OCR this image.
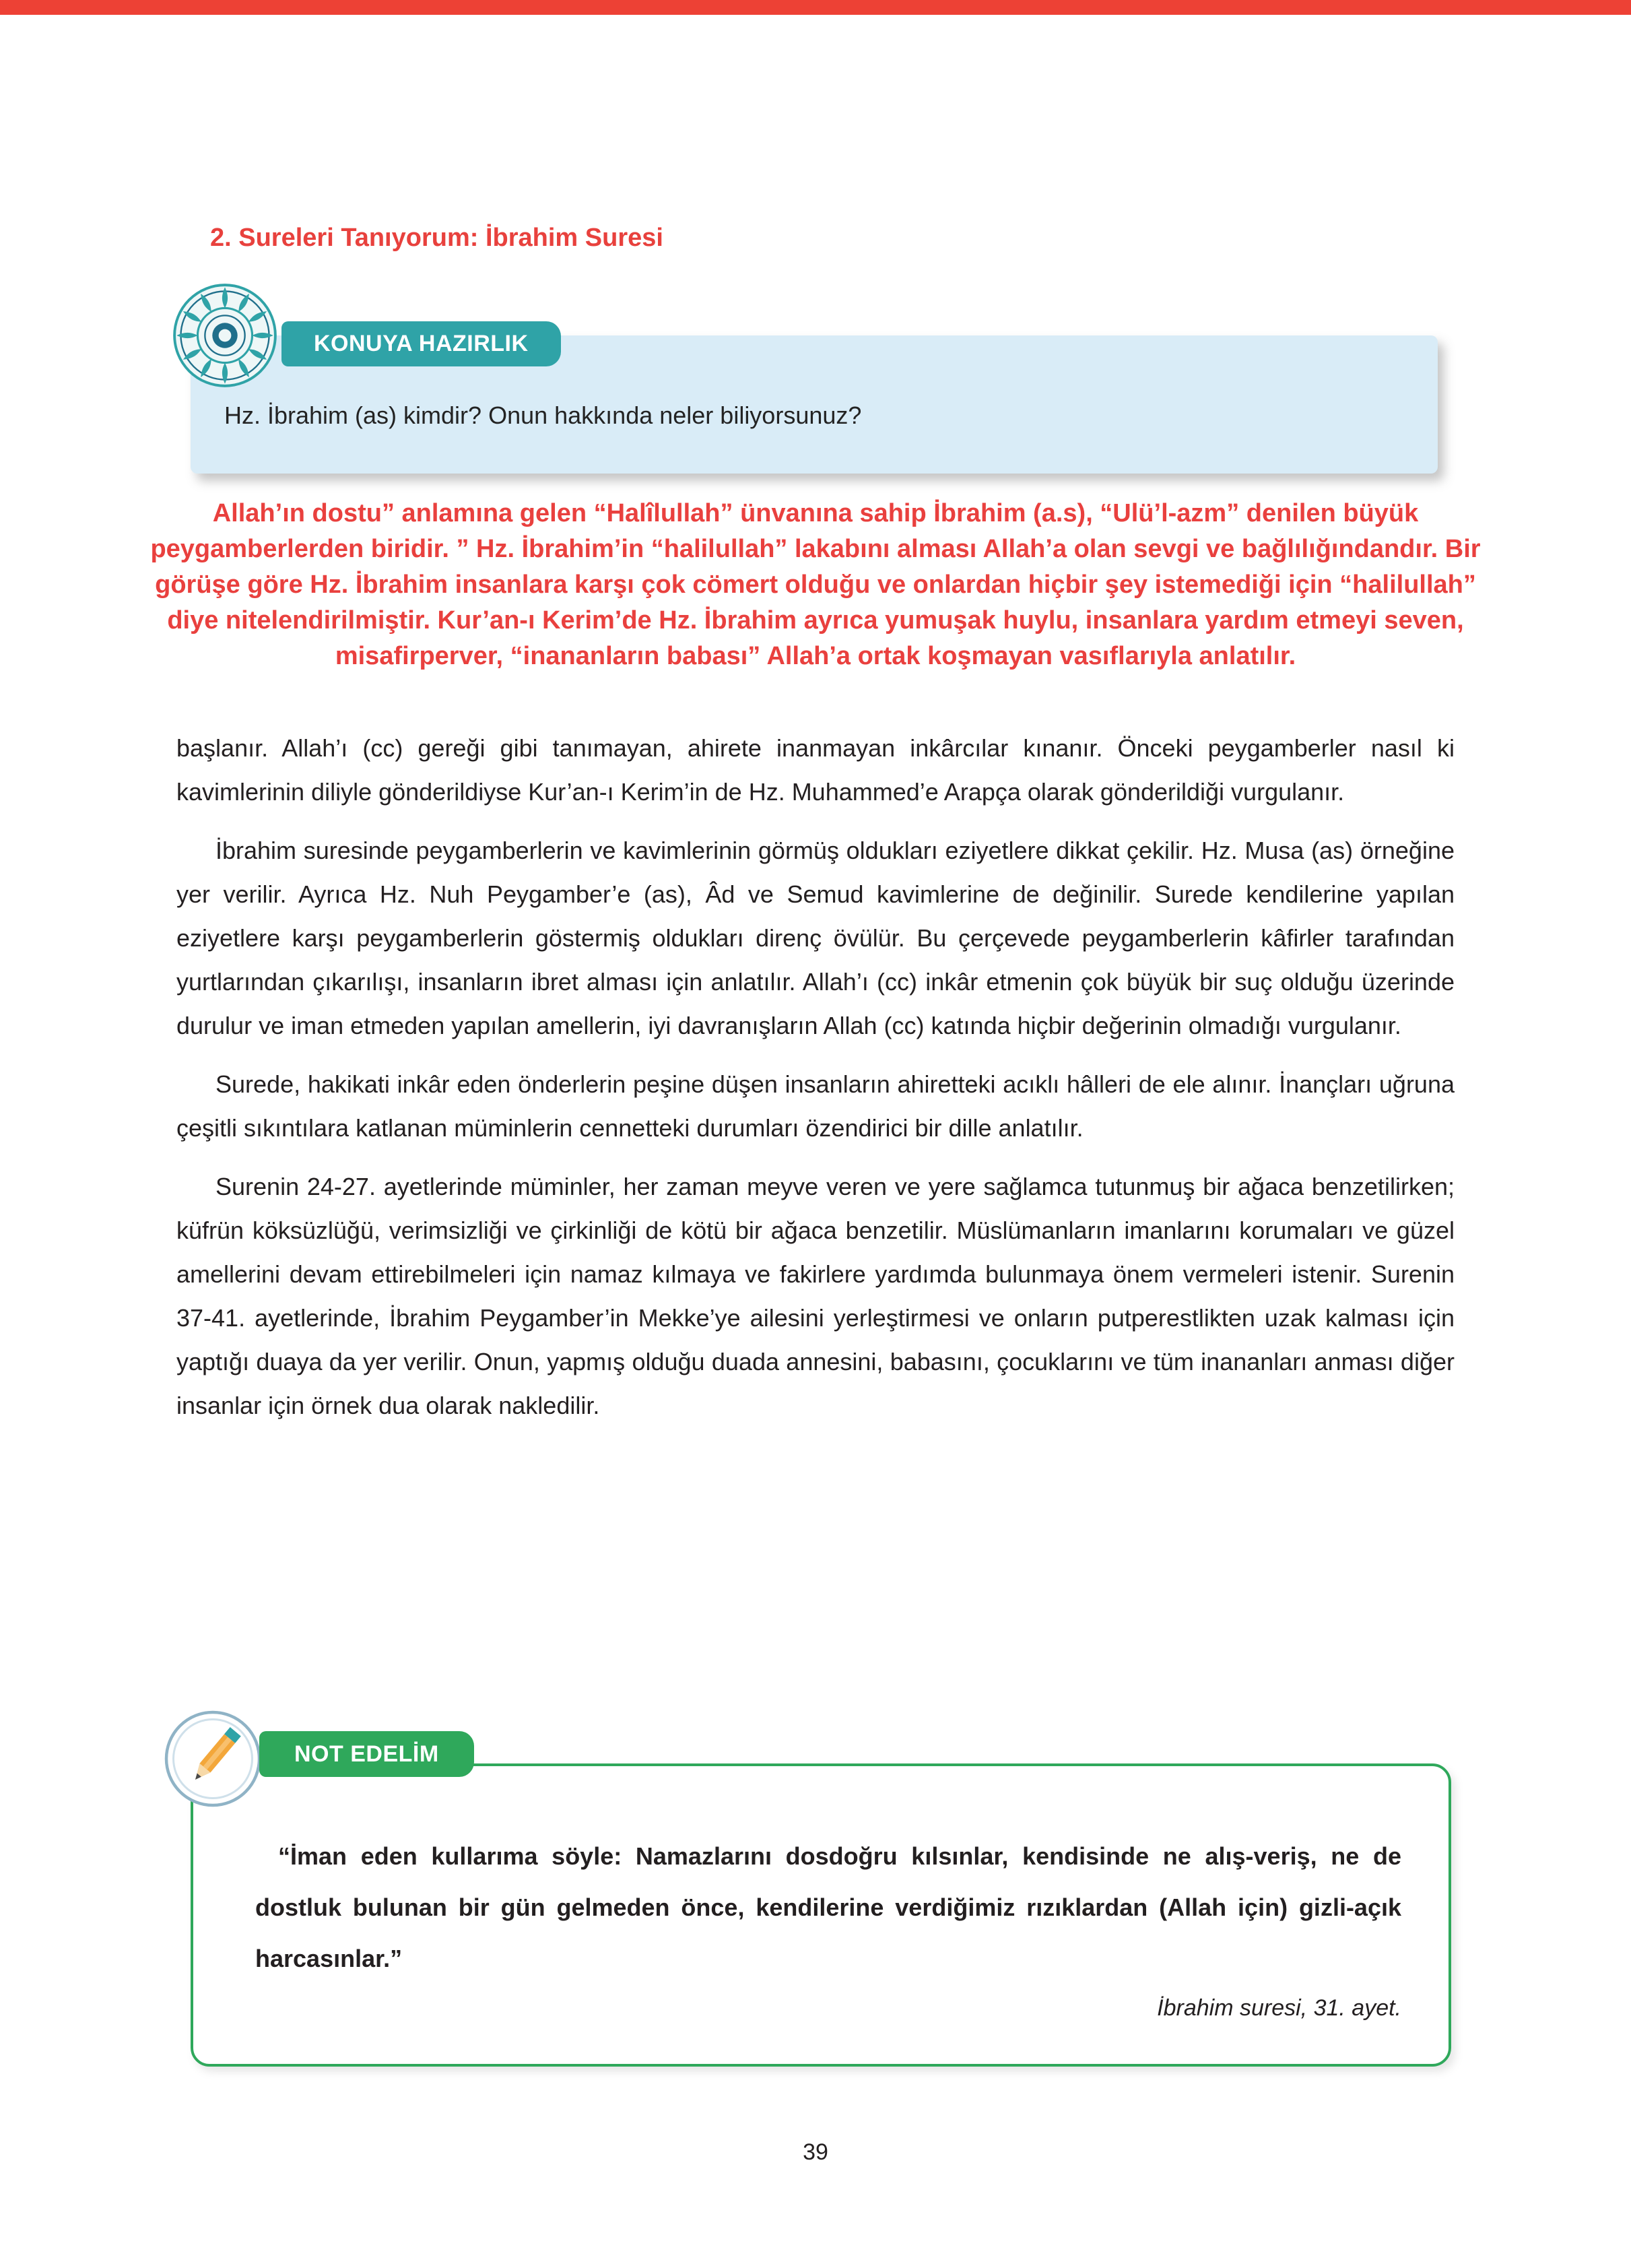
2. Sureleri Tanıyorum: İbrahim Suresi

Hz. İbrahim (as) kimdir? Onun hakkında neler biliyorsunuz?

KONUYA HAZIRLIK

Allah’ın dostu” anlamına gelen “Halîlullah” ünvanına sahip İbrahim (a.s), “Ulü’l-azm” denilen büyük peygamberlerden biridir. ” Hz. İbrahim’in “halilullah” lakabını alması Allah’a olan sevgi ve bağlılığındandır. Bir görüşe göre Hz. İbrahim insanlara karşı çok cömert olduğu ve onlardan hiçbir şey istemediği için “halilullah” diye nitelendirilmiştir. Kur’an-ı Kerim’de Hz. İbrahim ayrıca yumuşak huylu, insanlara yardım etmeyi seven, misafirperver, “inananların babası” Allah’a ortak koşmayan vasıflarıyla anlatılır.

başlanır. Allah’ı (cc) gereği gibi tanımayan, ahirete inanmayan inkârcılar kınanır. Önceki peygamberler nasıl ki kavimlerinin diliyle gönderildiyse Kur’an-ı Kerim’in de Hz. Muhammed’e Arapça olarak gönderildiği vurgulanır.

İbrahim suresinde peygamberlerin ve kavimlerinin görmüş oldukları eziyetlere dikkat çekilir. Hz. Musa (as) örneğine yer verilir. Ayrıca Hz. Nuh Peygamber’e (as), Âd ve Semud kavimlerine de değinilir. Surede kendilerine yapılan eziyetlere karşı peygamberlerin göstermiş oldukları direnç övülür. Bu çerçevede peygamberlerin kâfirler tarafından yurtlarından çıkarılışı, insanların ibret alması için anlatılır. Allah’ı (cc) inkâr etmenin çok büyük bir suç olduğu üzerinde durulur ve iman etmeden yapılan amellerin, iyi davranışların Allah (cc) katında hiçbir değerinin olmadığı vurgulanır.

Surede, hakikati inkâr eden önderlerin peşine düşen insanların ahiretteki acıklı hâlleri de ele alınır. İnançları uğruna çeşitli sıkıntılara katlanan müminlerin cennetteki durumları özendirici bir dille anlatılır.

Surenin 24-27. ayetlerinde müminler, her zaman meyve veren ve yere sağlamca tutunmuş bir ağaca benzetilirken; küfrün köksüzlüğü, verimsizliği ve çirkinliği de kötü bir ağaca benzetilir. Müslümanların imanlarını korumaları ve güzel amellerini devam ettirebilmeleri için namaz kılmaya ve fakirlere yardımda bulunmaya önem vermeleri istenir. Surenin 37-41. ayetlerinde, İbrahim Peygamber’in Mekke’ye ailesini yerleştirmesi ve onların putperestlikten uzak kalması için yaptığı duaya da yer verilir. Onun, yapmış olduğu duada annesini, babasını, çocuklarını ve tüm inananları anması diğer insanlar için örnek dua olarak nakledilir.

“İman eden kullarıma söyle: Namazlarını dosdoğru kılsınlar, kendisinde ne alış-veriş, ne de dostluk bulunan bir gün gelmeden önce, kendilerine verdiğimiz rızıklardan (Allah için) gizli-açık harcasınlar.”

İbrahim suresi, 31. ayet.

NOT EDELİM
39
